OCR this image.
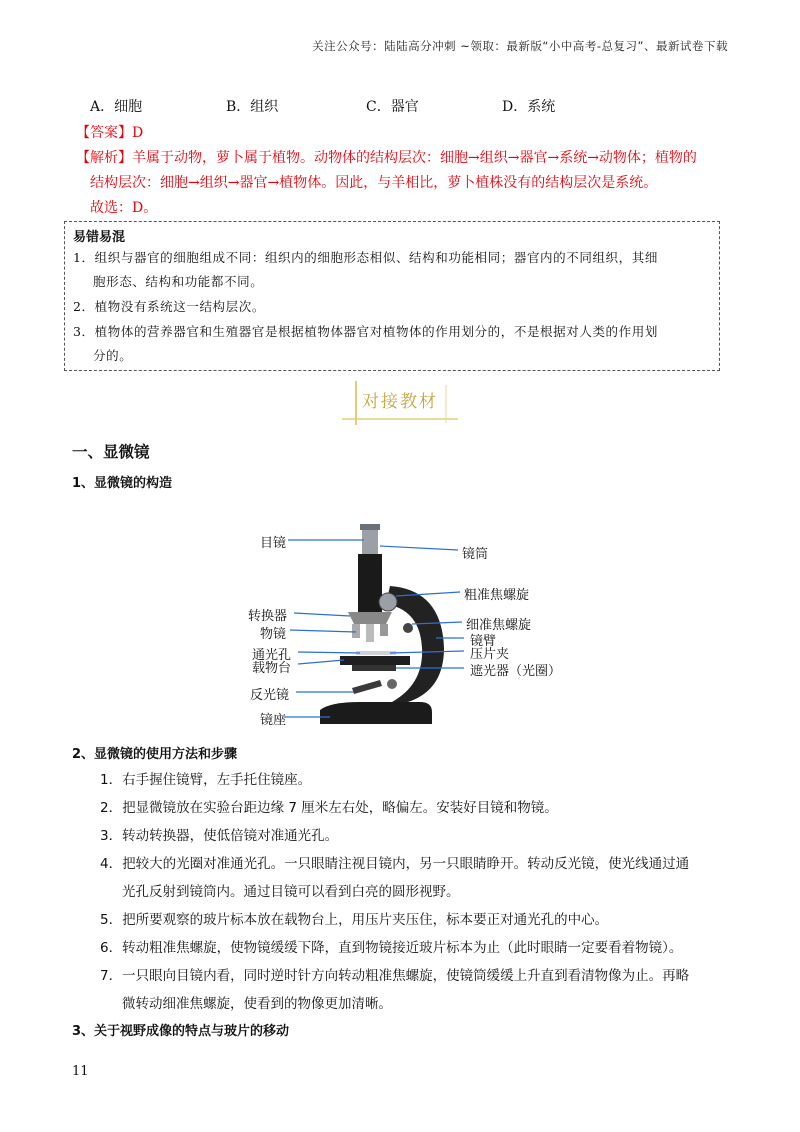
关注公众号：陆陆高分冲刺 ~领取：最新版“小中高考-总复习”、最新试卷下载
A．细胞	B．组织	C．器官	D．系统
【答案】D
【解析】羊属于动物，萝卜属于植物。动物体的结构层次：细胞→组织→器官→系统→动物体；植物的
结构层次：细胞→组织→器官→植物体。因此，与羊相比，萝卜植株没有的结构层次是系统。
故选：D。
易错易混
1．组织与器官的细胞组成不同：组织内的细胞形态相似、结构和功能相同；器官内的不同组织，其细
胞形态、结构和功能都不同。
2．植物没有系统这一结构层次。
3．植物体的营养器官和生殖器官是根据植物体器官对植物体的作用划分的，不是根据对人类的作用划
分的。
对接教材
一、显微镜
1、显微镜的构造
目镜
转换器
物镜
通光孔
载物台
反光镜
镜座
镜筒
粗准焦螺旋
细准焦螺旋
镜臂
压片夹
遮光器（光圈）
2、显微镜的使用方法和步骤
1．右手握住镜臂，左手托住镜座。
2．把显微镜放在实验台距边缘 7 厘米左右处，略偏左。安装好目镜和物镜。
3．转动转换器，使低倍镜对准通光孔。
4．把较大的光圈对准通光孔。一只眼睛注视目镜内，另一只眼睛睁开。转动反光镜，使光线通过通
光孔反射到镜筒内。通过目镜可以看到白亮的圆形视野。
5．把所要观察的玻片标本放在载物台上，用压片夹压住，标本要正对通光孔的中心。
6．转动粗准焦螺旋，使物镜缓缓下降，直到物镜接近玻片标本为止（此时眼睛一定要看着物镜）。
7．一只眼向目镜内看，同时逆时针方向转动粗准焦螺旋，使镜筒缓缓上升直到看清物像为止。再略
微转动细准焦螺旋，使看到的物像更加清晰。
3、关于视野成像的特点与玻片的移动
11
